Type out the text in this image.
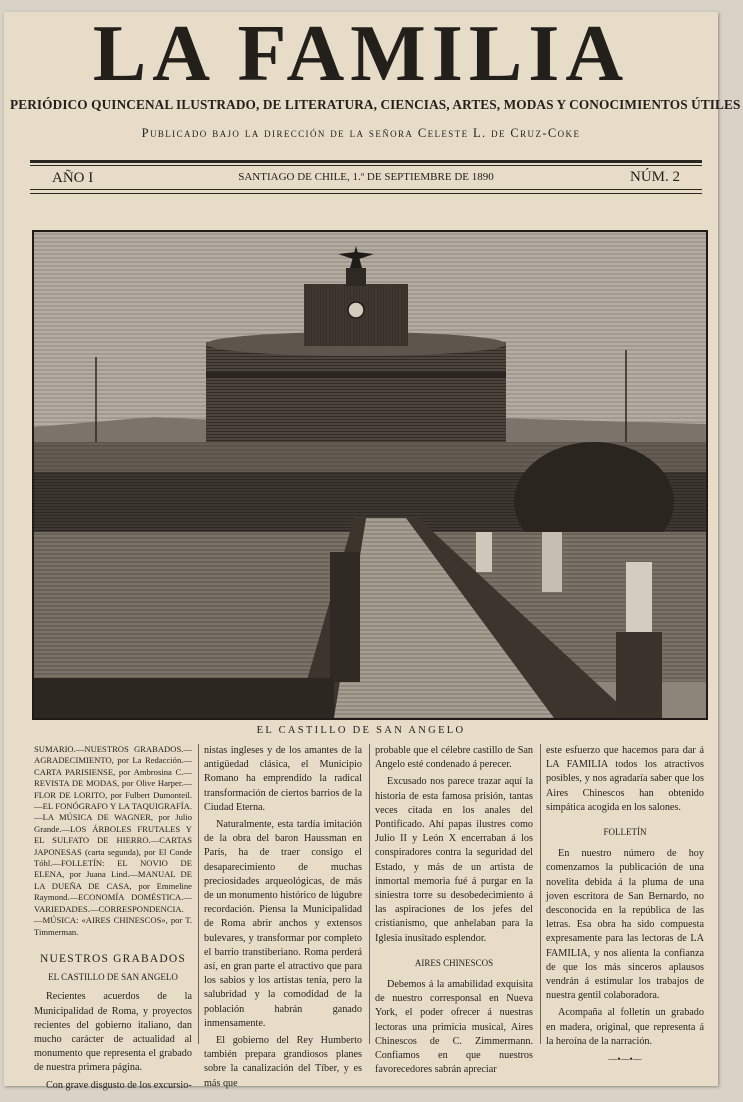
LA FAMILIA
PERIÓDICO QUINCENAL ILUSTRADO, DE LITERATURA, CIENCIAS, ARTES, MODAS Y CONOCIMIENTOS ÚTILES
Publicado bajo la dirección de la señora Celeste L. de Cruz-Coke
AÑO I	SANTIAGO DE CHILE, 1.º DE SEPTIEMBRE DE 1890	NÚM. 2
EL CASTILLO DE SAN ANGELO
SUMARIO.—NUESTROS GRABADOS.—AGRADECIMIENTO, por La Redacción.—CARTA PARISIENSE, por Ambrosina C.—REVISTA DE MODAS, por Olive Harper.—FLOR DE LORITO, por Fulbert Dumonteil.—EL FONÓGRAFO Y LA TAQUIGRAFÍA.—LA MÚSICA DE WAGNER, por Julio Grande.—LOS ÁRBOLES FRUTALES Y EL SULFATO DE HIERRO.—CARTAS JAPONESAS (carta segunda), por El Conde Tóhl.—FOLLETÍN: EL NOVIO DE ELENA, por Juana Lind.—MANUAL DE LA DUEÑA DE CASA, por Emmeline Raymond.—ECONOMÍA DOMÉSTICA.—VARIEDADES.—CORRESPONDENCIA.—MÚSICA: «AIRES CHINESCOS», por T. Timmerman.
NUESTROS GRABADOS
EL CASTILLO DE SAN ANGELO

Recientes acuerdos de la Municipalidad de Roma, y proyectos recientes del gobierno italiano, dan mucho carácter de actualidad al monumento que representa el grabado de nuestra primera página.

Con grave disgusto de los excursio-

nistas ingleses y de los amantes de la antigüedad clásica, el Municipio Romano ha emprendido la radical transformación de ciertos barrios de la Ciudad Eterna.

Naturalmente, esta tardía imitación de la obra del baron Haussman en París, ha de traer consigo el desaparecimiento de muchas preciosidades arqueológicas, de más de un monumento histórico de lúgubre recordación. Piensa la Municipalidad de Roma abrir anchos y extensos bulevares, y transformar por completo el barrio transtiberiano. Roma perderá así, en gran parte el atractivo que para los sabios y los artistas tenía, pero la salubridad y la comodidad de la población habrán ganado inmensamente.

El gobierno del Rey Humberto también prepara grandiosos planes sobre la canalización del Tíber, y es más que

probable que el célebre castillo de San Angelo esté condenado á perecer.

Excusado nos parece trazar aquí la historia de esta famosa prisión, tantas veces citada en los anales del Pontificado. Ahí papas ilustres como Julio II y León X encerraban á los conspiradores contra la seguridad del Estado, y más de un artista de inmortal memoria fué á purgar en la siniestra torre su desobedecimiento á las aspiraciones de los jefes del cristianismo, que anhelaban para la Iglesia inusitado esplendor.

AIRES CHINESCOS

Debemos á la amabilidad exquisita de nuestro corresponsal en Nueva York, el poder ofrecer á nuestras lectoras una primicia musical, Aires Chinescos de C. Zimmermann. Confiamos en que nuestros favorecedores sabrán apreciar

este esfuerzo que hacemos para dar á LA FAMILIA todos los atractivos posibles, y nos agradaría saber que los Aires Chinescos han obtenido simpática acogida en los salones.

FOLLETÍN

En nuestro número de hoy comenzamos la publicación de una novelita debida á la pluma de una joven escritora de San Bernardo, no desconocida en la república de las letras. Esa obra ha sido compuesta expresamente para las lectoras de LA FAMILIA, y nos alienta la confianza de que los más sinceros aplausos vendrán á estimular los trabajos de nuestra gentil colaboradora.

Acompaña al folletín un grabado en madera, original, que representa á la heroína de la narración.

—•—•—
